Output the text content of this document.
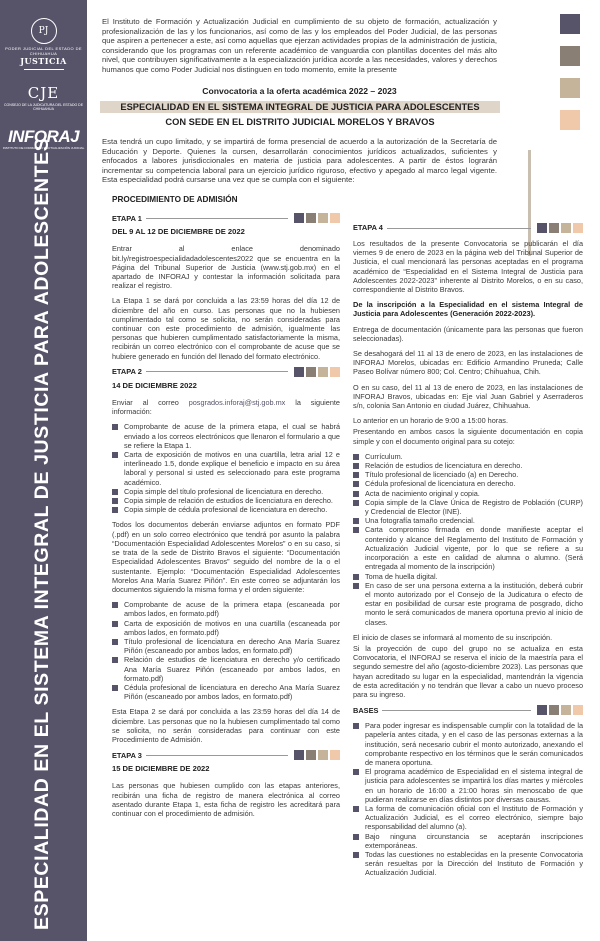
PJ
PODER JUDICIAL DEL ESTADO DE CHIHUAHUA
JUSTICIA
CJE
CONSEJO DE LA JUDICATURA DEL ESTADO DE CHIHUAHUA
INFORAJ
INSTITUTO DE FORMACIÓN Y ACTUALIZACIÓN JUDICIAL
ESPECIALIDAD EN EL SISTEMA INTEGRAL DE JUSTICIA PARA ADOLESCENTES
El Instituto de Formación y Actualización Judicial en cumplimiento de su objeto de formación, actualización y profesionalización de las y los funcionarios, así como de las y los empleados del Poder Judicial, de las personas que aspiren a pertenecer a este, así como aquellas que ejerzan actividades propias de la administración de justicia, considerando que los programas con un referente académico de vanguardia con plantillas docentes del más alto nivel, que contribuyen significativamente a la especialización jurídica acorde a las necesidades, valores y derechos humanos que como Poder Judicial nos distinguen en todo momento, emite la presente
Convocatoria a la oferta académica 2022 – 2023
ESPECIALIDAD EN EL SISTEMA INTEGRAL DE JUSTICIA PARA ADOLESCENTES
CON SEDE EN EL DISTRITO JUDICIAL MORELOS Y BRAVOS
Esta tendrá un cupo limitado, y se impartirá de forma presencial de acuerdo a la autorización de la Secretaría de Educación y Deporte. Quienes la cursen, desarrollarán conocimientos jurídicos actualizados, suficientes y enfocados a labores jurisdiccionales en materia de justicia para adolescentes. A partir de éstos lograrán incrementar su competencia laboral para un ejercicio jurídico riguroso, efectivo y apegado al marco legal vigente. Esta especialidad podrá cursarse una vez que se cumpla con el siguiente:
PROCEDIMIENTO DE ADMISIÓN
ETAPA 1
DEL 9 AL 12 DE DICIEMBRE DE 2022

Entrar al enlace denominado bit.ly/registroespecialidadadolescentes2022 que se encuentra en la Página del Tribunal Superior de Justicia (www.stj.gob.mx) en el apartado de INFORAJ y contestar la información solicitada para realizar el registro.

La Etapa 1 se dará por concluida a las 23:59 horas del día 12 de diciembre del año en curso. Las personas que no la hubiesen cumplimentado tal como se solicita, no serán consideradas para continuar con este procedimiento de admisión, igualmente las personas que hubieren cumplimentado satisfactoriamente la misma, recibirán un correo electrónico con el comprobante de acuse que se hubiere generado en función del llenado del formato electrónico.

ETAPA 2
14 DE DICIEMBRE 2022

Enviar al correo posgrados.inforaj@stj.gob.mx la siguiente información:

Comprobante de acuse de la primera etapa, el cual se habrá enviado a los correos electrónicos que llenaron el formulario a que se refiere la Etapa 1.
Carta de exposición de motivos en una cuartilla, letra arial 12 e interlineado 1.5, donde explique el beneficio e impacto en su área laboral y personal si usted es seleccionado para este programa académico.
Copia simple del título profesional de licenciatura en derecho.
Copia simple de relación de estudios de licenciatura en derecho.
Copia simple de cédula profesional de licenciatura en derecho.

Todos los documentos deberán enviarse adjuntos en formato PDF (.pdf) en un solo correo electrónico que tendrá por asunto la palabra “Documentación Especialidad Adolescentes Morelos” o en su caso, si se trata de la sede de Distrito Bravos el siguiente: “Documentación Especialidad Adolescentes Bravos” seguido del nombre de la o el sustentante. Ejemplo: “Documentación Especialidad Adolescentes Morelos Ana María Suarez Piñón”. En este correo se adjuntarán los documentos siguiendo la misma forma y el orden siguiente:

Comprobante de acuse de la primera etapa (escaneada por ambos lados, en formato.pdf)
Carta de exposición de motivos en una cuartilla (escaneada por ambos lados, en formato.pdf)
Título profesional de licenciatura en derecho Ana María Suarez Piñón (escaneado por ambos lados, en formato.pdf)
Relación de estudios de licenciatura en derecho y/o certificado Ana María Suarez Piñón (escaneado por ambos lados, en formato.pdf)
Cédula profesional de licenciatura en derecho Ana María Suarez Piñón (escaneado por ambos lados, en formato.pdf)

Esta Etapa 2 se dará por concluida a las 23:59 horas del día 14 de diciembre. Las personas que no la hubiesen cumplimentado tal como se solicita, no serán consideradas para continuar con este Procedimiento de Admisión.

ETAPA 3
15 DE DICIEMBRE DE 2022

Las personas que hubiesen cumplido con las etapas anteriores, recibirán una ficha de registro de manera electrónica al correo asentado durante Etapa 1, esta ficha de registro les acreditará para continuar con el procedimiento de admisión.

ETAPA 4

Los resultados de la presente Convocatoria se publicarán el día viernes 9 de enero de 2023 en la página web del Tribunal Superior de Justicia, el cual mencionará las personas aceptadas en el programa académico de “Especialidad en el Sistema Integral de Justicia para Adolescentes 2022-2023” inherente al Distrito Morelos, o en su caso, correspondiente al Distrito Bravos.

De la inscripción a la Especialidad en el sistema Integral de Justicia para Adolescentes (Generación 2022-2023).

Entrega de documentación (únicamente para las personas que fueron seleccionadas).

Se desahogará del 11 al 13 de enero de 2023, en las instalaciones de INFORAJ Morelos, ubicadas en: Edificio Armandino Pruneda; Calle Paseo Bolívar número 800; Col. Centro; Chihuahua, Chih.

O en su caso, del 11 al 13 de enero de 2023, en las instalaciones de INFORAJ Bravos, ubicadas en: Eje vial Juan Gabriel y Aserraderos s/n, colonia San Antonio en ciudad Juárez, Chihuahua.

Lo anterior en un horario de 9:00 a 15:00 horas.

Presentando en ambos casos la siguiente documentación en copia simple y con el documento original para su cotejo:

Currículum.
Relación de estudios de licenciatura en derecho.
Título profesional de licenciado (a) en Derecho.
Cédula profesional de licenciatura en derecho.
Acta de nacimiento original y copia.
Copia simple de la Clave Única de Registro de Población (CURP) y Credencial de Elector (INE).
Una fotografía tamaño credencial.
Carta compromiso firmada en donde manifieste aceptar el contenido y alcance del Reglamento del Instituto de Formación y Actualización Judicial vigente, por lo que se refiere a su incorporación a este en calidad de alumna o alumno. (Será entregada al momento de la inscripción)
Toma de huella digital.
En caso de ser una persona externa a la institución, deberá cubrir el monto autorizado por el Consejo de la Judicatura o efecto de estar en posibilidad de cursar este programa de posgrado, dicho monto le será comunicados de manera oportuna previo al inicio de clases.

El inicio de clases se informará al momento de su inscripción.

Si la proyección de cupo del grupo no se actualiza en esta Convocatoria, el INFORAJ se reserva el inicio de la maestría para el segundo semestre del año (agosto-diciembre 2023). Las personas que hayan acreditado su lugar en la especialidad, mantendrán la vigencia de esta acreditación y no tendrán que llevar a cabo un nuevo proceso para su ingreso.

BASES
Para poder ingresar es indispensable cumplir con la totalidad de la papelería antes citada, y en el caso de las personas externas a la institución, será necesario cubrir el monto autorizado, anexando el comprobante respectivo en los términos que le serán comunicados de manera oportuna.
El programa académico de Especialidad en el sistema integral de justicia para adolescentes se impartirá los días martes y miércoles en un horario de 16:00 a 21:00 horas sin menoscabo de que pudieran realizarse en días distintos por diversas causas.
La forma de comunicación oficial con el Instituto de Formación y Actualización Judicial, es el correo electrónico, siempre bajo responsabilidad del alumno (a).
Bajo ninguna circunstancia se aceptarán inscripciones extemporáneas.
Todas las cuestiones no establecidas en la presente Convocatoria serán resueltas por la Dirección del Instituto de Formación y Actualización Judicial.
